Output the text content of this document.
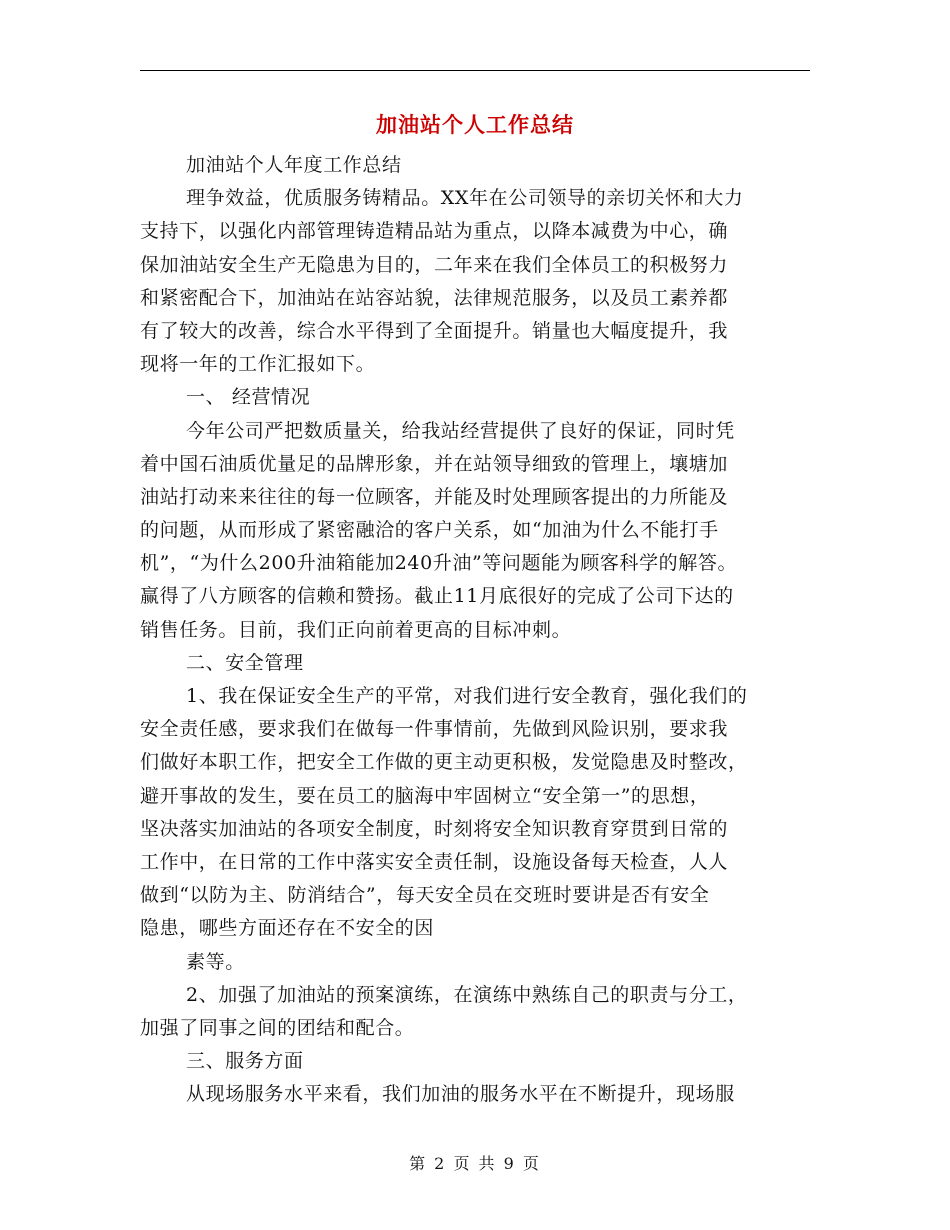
加油站个人工作总结
加油站个人年度工作总结
理争效益，优质服务铸精品。XX年在公司领导的亲切关怀和大力
支持下，以强化内部管理铸造精品站为重点，以降本减费为中心，确
保加油站安全生产无隐患为目的，二年来在我们全体员工的积极努力
和紧密配合下，加油站在站容站貌，法律规范服务，以及员工素养都
有了较大的改善，综合水平得到了全面提升。销量也大幅度提升，我
现将一年的工作汇报如下。
一、 经营情况
今年公司严把数质量关，给我站经营提供了良好的保证，同时凭
着中国石油质优量足的品牌形象，并在站领导细致的管理上，壤塘加
油站打动来来往往的每一位顾客，并能及时处理顾客提出的力所能及
的问题，从而形成了紧密融洽的客户关系，如“加油为什么不能打手
机”，“为什么200升油箱能加240升油”等问题能为顾客科学的解答。
赢得了八方顾客的信赖和赞扬。截止11月底很好的完成了公司下达的
销售任务。目前，我们正向前着更高的目标冲刺。
二、安全管理
1、我在保证安全生产的平常，对我们进行安全教育，强化我们的
安全责任感，要求我们在做每一件事情前，先做到风险识别，要求我
们做好本职工作，把安全工作做的更主动更积极，发觉隐患及时整改，
避开事故的发生，要在员工的脑海中牢固树立“安全第一”的思想，
坚决落实加油站的各项安全制度，时刻将安全知识教育穿贯到日常的
工作中，在日常的工作中落实安全责任制，设施设备每天检查，人人
做到“以防为主、防消结合”，每天安全员在交班时要讲是否有安全
隐患，哪些方面还存在不安全的因
素等。
2、加强了加油站的预案演练，在演练中熟练自己的职责与分工，
加强了同事之间的团结和配合。
三、服务方面
从现场服务水平来看，我们加油的服务水平在不断提升，现场服
第 2 页 共 9 页
